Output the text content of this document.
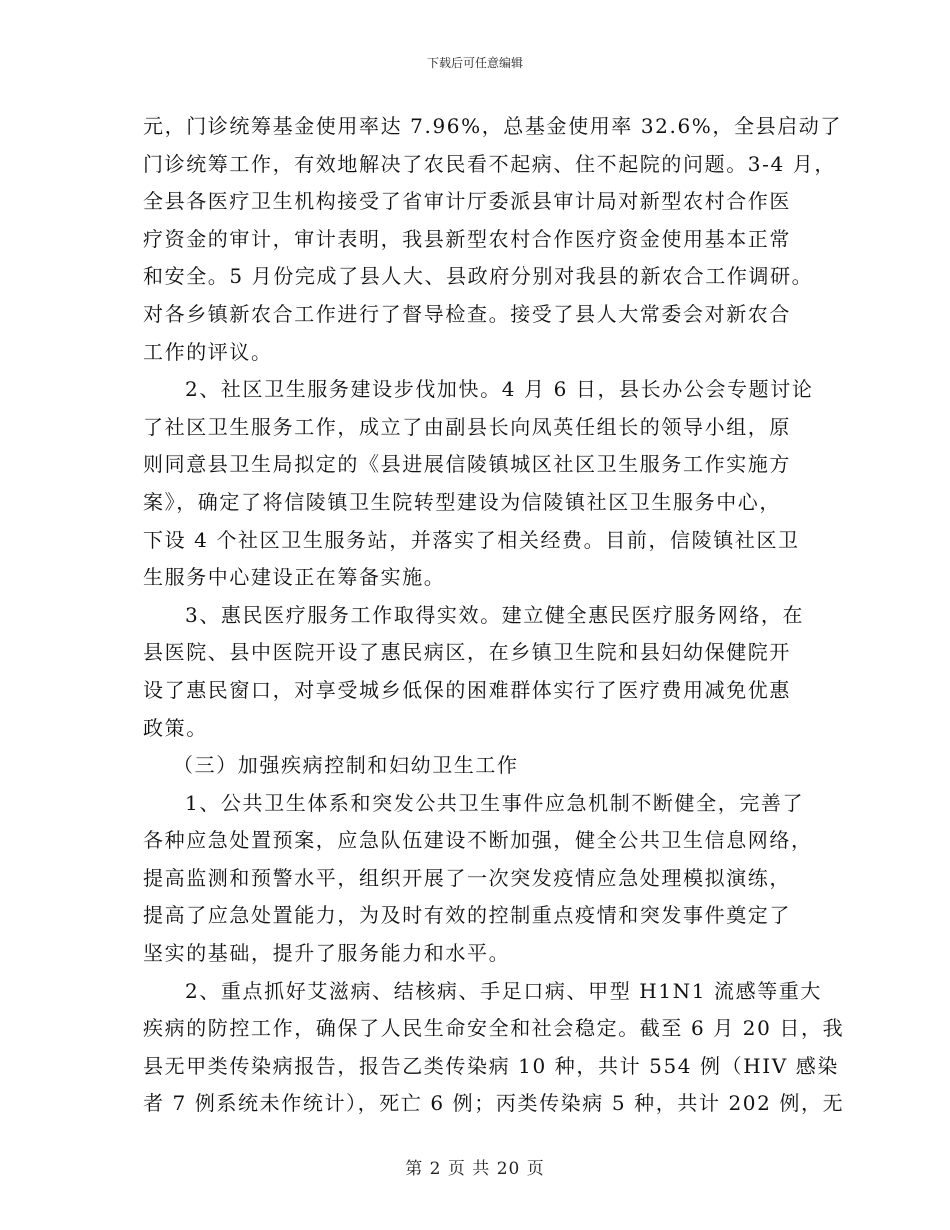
下载后可任意编辑
元，门诊统筹基金使用率达 7.96%，总基金使用率 32.6%，全县启动了
门诊统筹工作，有效地解决了农民看不起病、住不起院的问题。3-4 月，
全县各医疗卫生机构接受了省审计厅委派县审计局对新型农村合作医
疗资金的审计，审计表明，我县新型农村合作医疗资金使用基本正常
和安全。5 月份完成了县人大、县政府分别对我县的新农合工作调研。
对各乡镇新农合工作进行了督导检查。接受了县人大常委会对新农合
工作的评议。
2、社区卫生服务建设步伐加快。4 月 6 日，县长办公会专题讨论
了社区卫生服务工作，成立了由副县长向凤英任组长的领导小组，原
则同意县卫生局拟定的《县进展信陵镇城区社区卫生服务工作实施方
案》，确定了将信陵镇卫生院转型建设为信陵镇社区卫生服务中心，
下设 4 个社区卫生服务站，并落实了相关经费。目前，信陵镇社区卫
生服务中心建设正在筹备实施。
3、惠民医疗服务工作取得实效。建立健全惠民医疗服务网络，在
县医院、县中医院开设了惠民病区，在乡镇卫生院和县妇幼保健院开
设了惠民窗口，对享受城乡低保的困难群体实行了医疗费用减免优惠
政策。
（三）加强疾病控制和妇幼卫生工作
1、公共卫生体系和突发公共卫生事件应急机制不断健全，完善了
各种应急处置预案，应急队伍建设不断加强，健全公共卫生信息网络，
提高监测和预警水平，组织开展了一次突发疫情应急处理模拟演练，
提高了应急处置能力，为及时有效的控制重点疫情和突发事件奠定了
坚实的基础，提升了服务能力和水平。
2、重点抓好艾滋病、结核病、手足口病、甲型 H1N1 流感等重大
疾病的防控工作，确保了人民生命安全和社会稳定。截至 6 月 20 日，我
县无甲类传染病报告，报告乙类传染病 10 种，共计 554 例（HIV 感染
者 7 例系统未作统计），死亡 6 例；丙类传染病 5 种，共计 202 例，无
第 2 页 共 20 页
